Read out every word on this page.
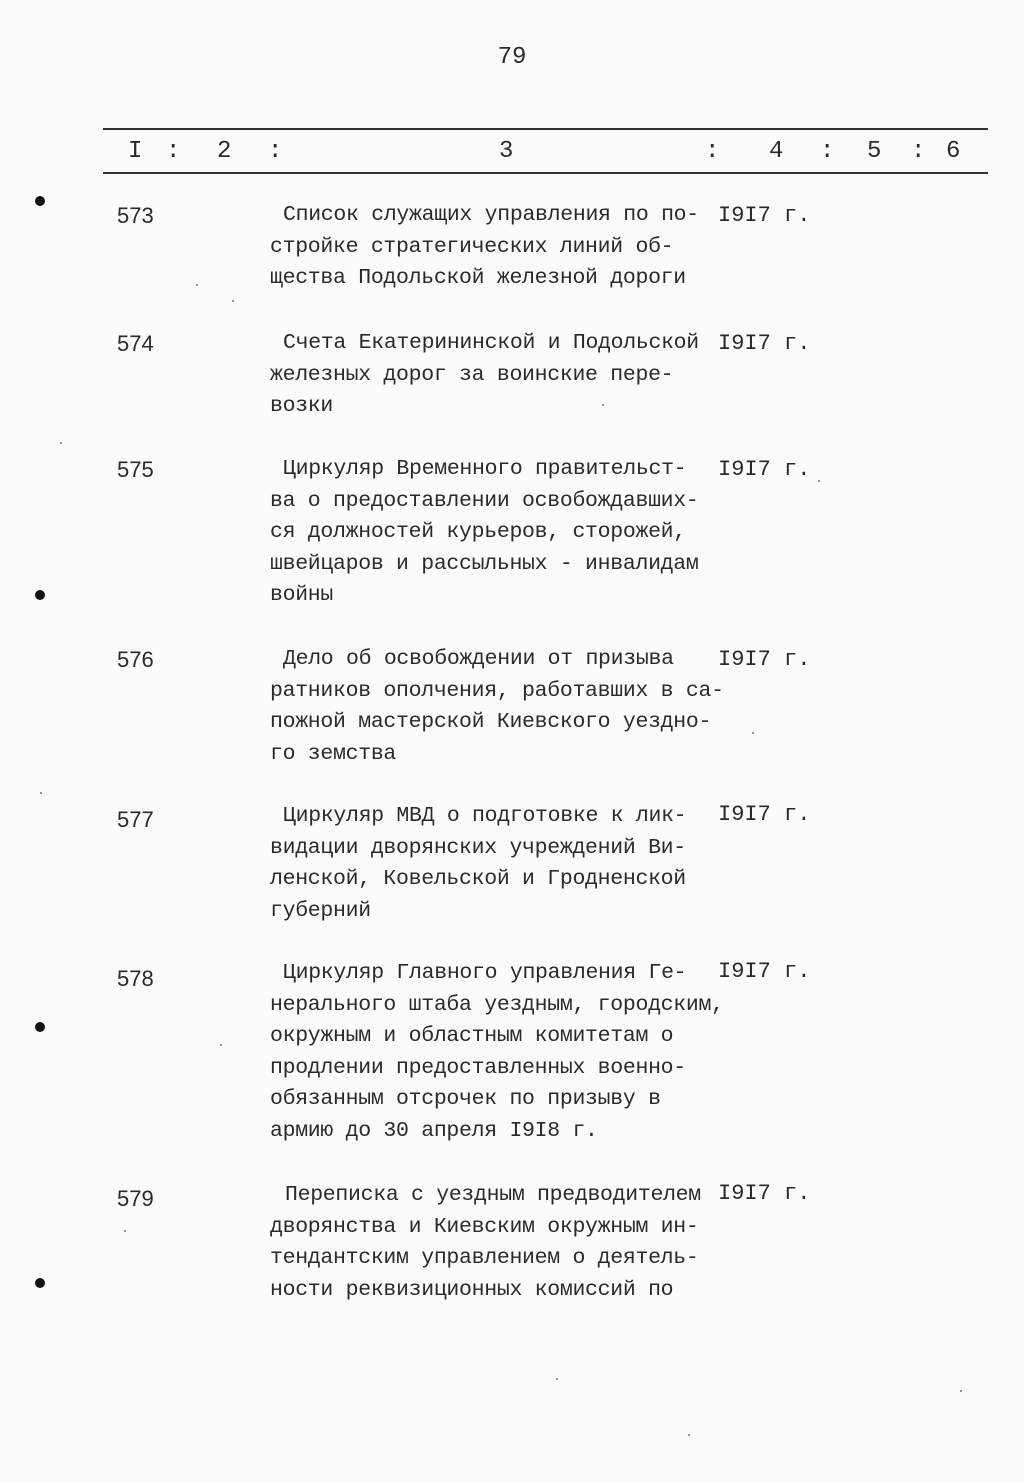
79
I : 2 :	3	: 4 : 5 : 6
573	Список служащих управления по по-
стройке стратегических линий об-
щества Подольской железной дороги
I9I7 г.
574	Счета Екатерининской и Подольской
железных дорог за воинские пере-
возки
I9I7 г.
575	Циркуляр Временного правительст-
ва о предоставлении освобождавших-
ся должностей курьеров, сторожей,
швейцаров и рассыльных - инвалидам
войны
I9I7 г.
576	Дело об освобождении от призыва
ратников ополчения, работавших в са-
пожной мастерской Киевского уездно-
го земства
I9I7 г.
577	Циркуляр МВД о подготовке к лик-
видации дворянских учреждений Ви-
ленской, Ковельской и Гродненской
губерний
I9I7 г.
578	Циркуляр Главного управления Ге-
нерального штаба уездным, городским,
окружным и областным комитетам о
продлении предоставленных военно-
обязанным отсрочек по призыву в
армию до 30 апреля I9I8 г.
I9I7 г.
579	Переписка с уездным предводителем
дворянства и Киевским окружным ин-
тендантским управлением о деятель-
ности реквизиционных комиссий по
I9I7 г.
